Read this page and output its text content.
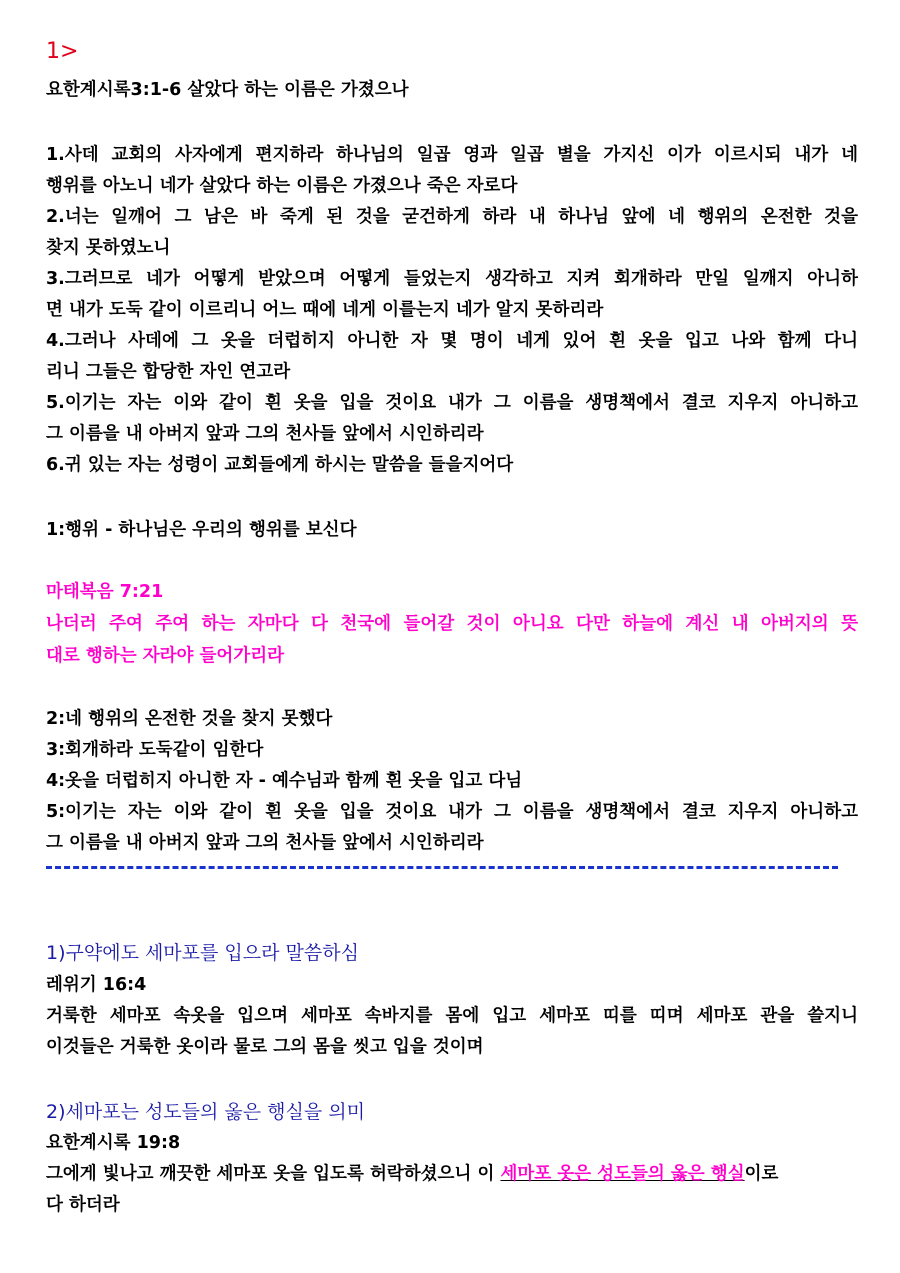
1>
요한계시록3:1-6 살았다 하는 이름은 가졌으나
1.사데 교회의 사자에게 편지하라 하나님의 일곱 영과 일곱 별을 가지신 이가 이르시되 내가 네
행위를 아노니 네가 살았다 하는 이름은 가졌으나 죽은 자로다
2.너는 일깨어 그 남은 바 죽게 된 것을 굳건하게 하라 내 하나님 앞에 네 행위의 온전한 것을
찾지 못하였노니
3.그러므로 네가 어떻게 받았으며 어떻게 들었는지 생각하고 지켜 회개하라 만일 일깨지 아니하
면 내가 도둑 같이 이르리니 어느 때에 네게 이를는지 네가 알지 못하리라
4.그러나 사데에 그 옷을 더럽히지 아니한 자 몇 명이 네게 있어 흰 옷을 입고 나와 함께 다니
리니 그들은 합당한 자인 연고라
5.이기는 자는 이와 같이 흰 옷을 입을 것이요 내가 그 이름을 생명책에서 결코 지우지 아니하고
그 이름을 내 아버지 앞과 그의 천사들 앞에서 시인하리라
6.귀 있는 자는 성령이 교회들에게 하시는 말씀을 들을지어다
1:행위 - 하나님은 우리의 행위를 보신다
마태복음 7:21
나더러 주여 주여 하는 자마다 다 천국에 들어갈 것이 아니요 다만 하늘에 계신 내 아버지의 뜻
대로 행하는 자라야 들어가리라
2:네 행위의 온전한 것을 찾지 못했다
3:회개하라 도둑같이 임한다
4:옷을 더럽히지 아니한 자 - 예수님과 함께 흰 옷을 입고 다님
5:이기는 자는 이와 같이 흰 옷을 입을 것이요 내가 그 이름을 생명책에서 결코 지우지 아니하고
그 이름을 내 아버지 앞과 그의 천사들 앞에서 시인하리라
1)구약에도 세마포를 입으라 말씀하심
레위기 16:4
거룩한 세마포 속옷을 입으며 세마포 속바지를 몸에 입고 세마포 띠를 띠며 세마포 관을 쓸지니
이것들은 거룩한 옷이라 물로 그의 몸을 씻고 입을 것이며
2)세마포는 성도들의 옳은 행실을 의미
요한계시록 19:8
그에게 빛나고 깨끗한 세마포 옷을 입도록 허락하셨으니 이 세마포 옷은 성도들의 옳은 행실이로
다 하더라
